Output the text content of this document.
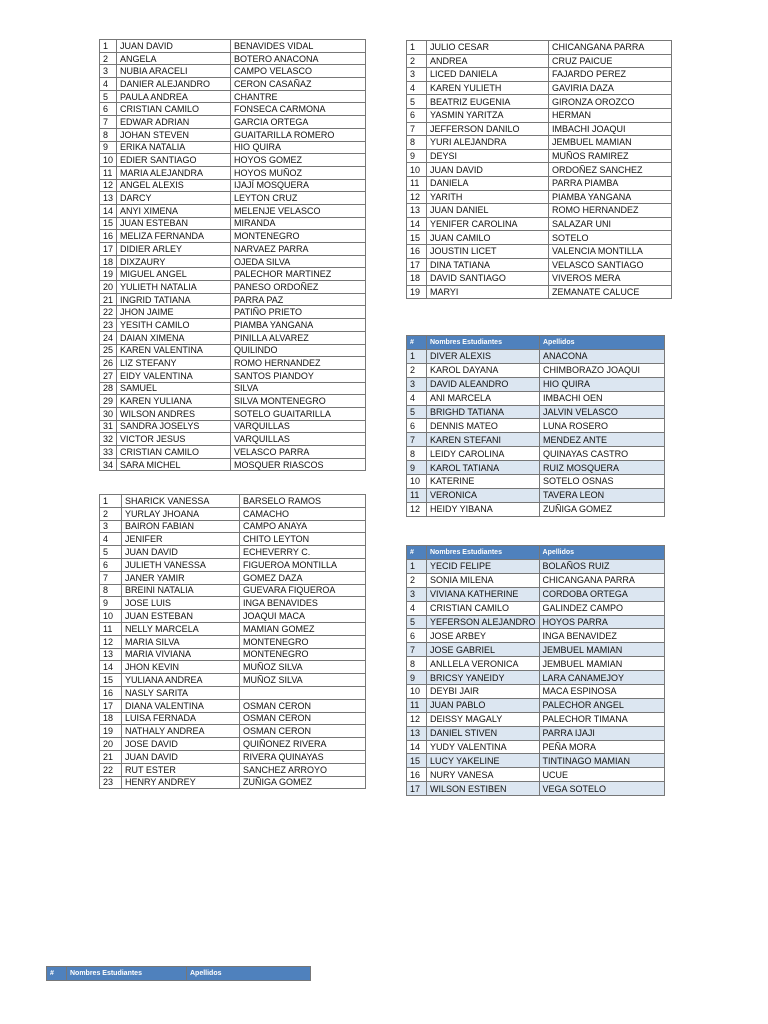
1	JUAN DAVID	BENAVIDES VIDAL
2	ANGELA	BOTERO ANACONA
3	NUBIA ARACELI	CAMPO VELASCO
4	DANIER ALEJANDRO	CERON CASAÑAZ
5	PAULA ANDREA	CHANTRE
6	CRISTIAN CAMILO	FONSECA CARMONA
7	EDWAR ADRIAN	GARCIA ORTEGA
8	JOHAN STEVEN	GUAITARILLA ROMERO
9	ERIKA NATALIA	HIO QUIRA
10	EDIER SANTIAGO	HOYOS GOMEZ
11	MARIA ALEJANDRA	HOYOS MUÑOZ
12	ANGEL ALEXIS	IJAJÍ MOSQUERA
13	DARCY	LEYTON CRUZ
14	ANYI XIMENA	MELENJE VELASCO
15	JUAN ESTEBAN	MIRANDA
16	MELIZA FERNANDA	MONTENEGRO
17	DIDIER ARLEY	NARVAEZ PARRA
18	DIXZAURY	OJEDA SILVA
19	MIGUEL ANGEL	PALECHOR MARTINEZ
20	YULIETH NATALIA	PANESO ORDOÑEZ
21	INGRID TATIANA	PARRA PAZ
22	JHON JAIME	PATIÑO PRIETO
23	YESITH CAMILO	PIAMBA YANGANA
24	DAIAN XIMENA	PINILLA ALVAREZ
25	KAREN VALENTINA	QUILINDO
26	LIZ STEFANY	ROMO HERNANDEZ
27	EIDY VALENTINA	SANTOS PIANDOY
28	SAMUEL	SILVA
29	KAREN YULIANA	SILVA MONTENEGRO
30	WILSON ANDRES	SOTELO GUAITARILLA
31	SANDRA JOSELYS	VARQUILLAS
32	VICTOR JESUS	VARQUILLAS
33	CRISTIAN CAMILO	VELASCO PARRA
34	SARA MICHEL	MOSQUER RIASCOS
1	SHARICK VANESSA	BARSELO RAMOS
2	YURLAY JHOANA	CAMACHO
3	BAIRON FABIAN	CAMPO ANAYA
4	JENIFER	CHITO LEYTON
5	JUAN DAVID	ECHEVERRY C.
6	JULIETH VANESSA	FIGUEROA MONTILLA
7	JANER YAMIR	GOMEZ DAZA
8	BREINI NATALIA	GUEVARA FIQUEROA
9	JOSE LUIS	INGA BENAVIDES
10	JUAN ESTEBAN	JOAQUI MACA
11	NELLY MARCELA	MAMIAN GOMEZ
12	MARIA SILVA	MONTENEGRO
13	MARIA VIVIANA	MONTENEGRO
14	JHON KEVIN	MUÑOZ SILVA
15	YULIANA ANDREA	MUÑOZ SILVA
16	NASLY SARITA	
17	DIANA VALENTINA	OSMAN CERON
18	LUISA FERNADA	OSMAN CERON
19	NATHALY ANDREA	OSMAN CERON
20	JOSE DAVID	QUIÑONEZ RIVERA
21	JUAN DAVID	RIVERA QUINAYAS
22	RUT ESTER	SANCHEZ ARROYO
23	HENRY ANDREY	ZUÑIGA GOMEZ
1	JULIO CESAR	CHICANGANA PARRA
2	ANDREA	CRUZ PAICUE
3	LICED DANIELA	FAJARDO PEREZ
4	KAREN YULIETH	GAVIRIA DAZA
5	BEATRIZ EUGENIA	GIRONZA OROZCO
6	YASMIN YARITZA	HERMAN
7	JEFFERSON DANILO	IMBACHI JOAQUI
8	YURI ALEJANDRA	JEMBUEL MAMIAN
9	DEYSI	MUÑOS RAMIREZ
10	JUAN DAVID	ORDOÑEZ SANCHEZ
11	DANIELA	PARRA PIAMBA
12	YARITH	PIAMBA YANGANA
13	JUAN DANIEL	ROMO HERNANDEZ
14	YENIFER CAROLINA	SALAZAR UNI
15	JUAN CAMILO	SOTELO
16	JOUSTIN LICET	VALENCIA MONTILLA
17	DINA TATIANA	VELASCO SANTIAGO
18	DAVID SANTIAGO	VIVEROS MERA
19	MARYI	ZEMANATE CALUCE
#	Nombres Estudiantes	Apellidos
1	DIVER ALEXIS	ANACONA
2	KAROL DAYANA	CHIMBORAZO JOAQUI
3	DAVID ALEANDRO	HIO QUIRA
4	ANI MARCELA	IMBACHI OEN
5	BRIGHD TATIANA	JALVIN VELASCO
6	DENNIS MATEO	LUNA ROSERO
7	KAREN STEFANI	MENDEZ ANTE
8	LEIDY CAROLINA	QUINAYAS CASTRO
9	KAROL TATIANA	RUIZ MOSQUERA
10	KATERINE	SOTELO OSNAS
11	VERONICA	TAVERA LEON
12	HEIDY YIBANA	ZUÑIGA GOMEZ
#	Nombres Estudiantes	Apellidos
1	YECID FELIPE	BOLAÑOS RUIZ
2	SONIA MILENA	CHICANGANA PARRA
3	VIVIANA KATHERINE	CORDOBA ORTEGA
4	CRISTIAN CAMILO	GALINDEZ CAMPO
5	YEFERSON ALEJANDRO	HOYOS PARRA
6	JOSE ARBEY	INGA BENAVIDEZ
7	JOSE GABRIEL	JEMBUEL MAMIAN
8	ANLLELA VERONICA	JEMBUEL MAMIAN
9	BRICSY YANEIDY	LARA CANAMEJOY
10	DEYBI JAIR	MACA ESPINOSA
11	JUAN PABLO	PALECHOR ANGEL
12	DEISSY MAGALY	PALECHOR TIMANA
13	DANIEL STIVEN	PARRA IJAJI
14	YUDY VALENTINA	PEÑA MORA
15	LUCY YAKELINE	TINTINAGO MAMIAN
16	NURY VANESA	UCUE
17	WILSON ESTIBEN	VEGA SOTELO
#	Nombres Estudiantes	Apellidos
